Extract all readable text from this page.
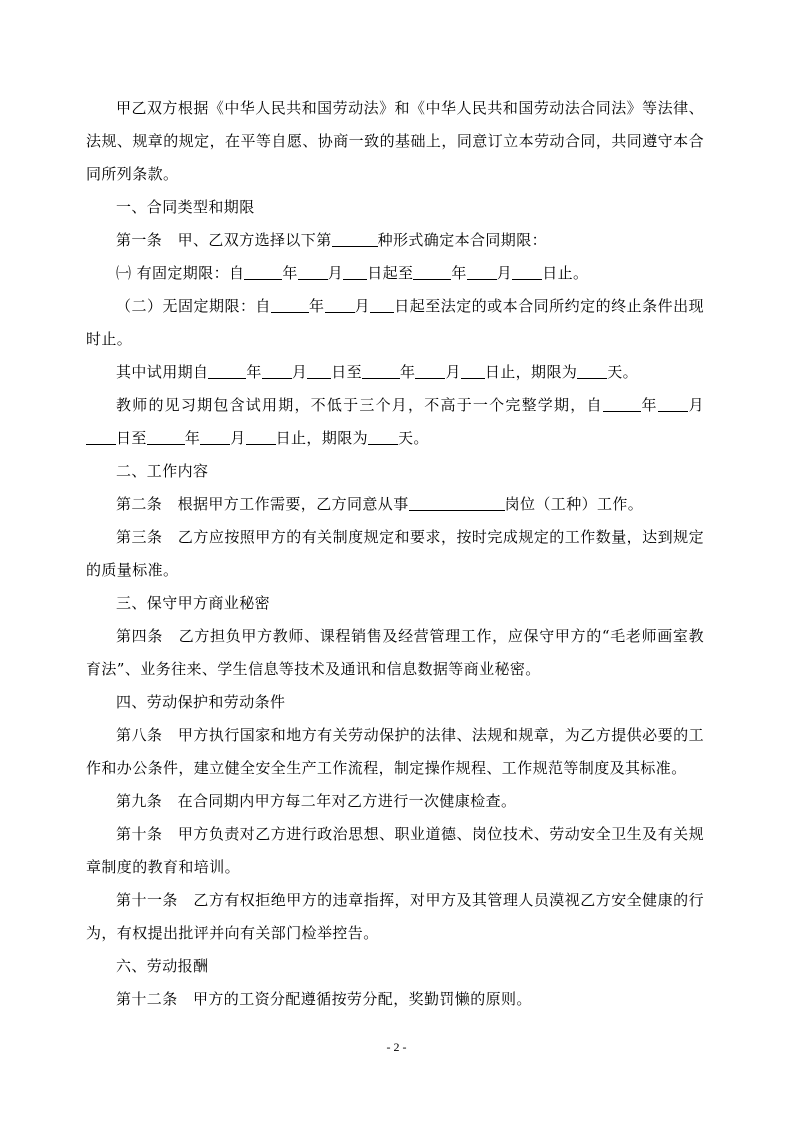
甲乙双方根据《中华人民共和国劳动法》和《中华人民共和国劳动法合同法》等法律、法规、规章的规定，在平等自愿、协商一致的基础上，同意订立本劳动合同，共同遵守本合同所列条款。

一、合同类型和期限

第一条　甲、乙双方选择以下第	种形式确定本合同期限：

㈠ 有固定期限：自	年 月 日起至	年 月 日止。

（二）无固定期限：自	年 月 日起至法定的或本合同所约定的终止条件出现时止。

其中试用期自	年 月 日至	年 月 日止，期限为 天。

教师的见习期包含试用期，不低于三个月，不高于一个完整学期，自	年 月日至	年 月 日止，期限为 天。

二、工作内容

第二条　根据甲方工作需要，乙方同意从事	岗位（工种）工作。

第三条　乙方应按照甲方的有关制度规定和要求，按时完成规定的工作数量，达到规定的质量标准。

三、保守甲方商业秘密

第四条　乙方担负甲方教师、课程销售及经营管理工作，应保守甲方的“毛老师画室教育法”、业务往来、学生信息等技术及通讯和信息数据等商业秘密。

四、劳动保护和劳动条件

第八条　甲方执行国家和地方有关劳动保护的法律、法规和规章，为乙方提供必要的工作和办公条件，建立健全安全生产工作流程，制定操作规程、工作规范等制度及其标准。

第九条　在合同期内甲方每二年对乙方进行一次健康检查。

第十条　甲方负责对乙方进行政治思想、职业道德、岗位技术、劳动安全卫生及有关规章制度的教育和培训。

第十一条　乙方有权拒绝甲方的违章指挥，对甲方及其管理人员漠视乙方安全健康的行为，有权提出批评并向有关部门检举控告。

六、劳动报酬

第十二条　甲方的工资分配遵循按劳分配，奖勤罚懒的原则。

- 2 -
